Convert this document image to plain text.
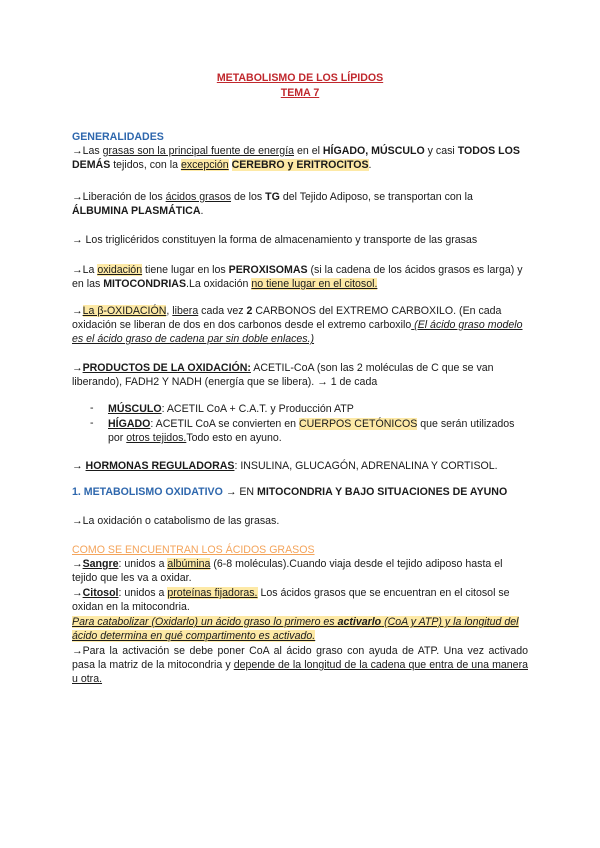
METABOLISMO DE LOS LÍPIDOS
TEMA 7
GENERALIDADES
→Las grasas son la principal fuente de energía en el HÍGADO, MÚSCULO y casi TODOS LOS DEMÁS tejidos, con la excepción CEREBRO y ERITROCITOS.
→Liberación de los ácidos grasos de los TG del Tejido Adiposo, se transportan con la ÁLBUMINA PLASMÁTICA.
→ Los triglicéridos constituyen la forma de almacenamiento y transporte de las grasas
→La oxidación tiene lugar en los PEROXISOMAS (si la cadena de los ácidos grasos es larga) y en las MITOCONDRIAS.La oxidación no tiene lugar en el citosol.
→La β-OXIDACIÓN, libera cada vez 2 CARBONOS del EXTREMO CARBOXILO. (En cada oxidación se liberan de dos en dos carbonos desde el extremo carboxilo (El ácido graso modelo es el ácido graso de cadena par sin doble enlaces.)
→PRODUCTOS DE LA OXIDACIÓN: ACETIL-CoA (son las 2 moléculas de C que se van liberando), FADH2 Y NADH (energía que se libera). → 1 de cada
- MÚSCULO: ACETIL CoA + C.A.T. y Producción ATP
- HÍGADO: ACETIL CoA se convierten en CUERPOS CETÓNICOS que serán utilizados por otros tejidos.Todo esto en ayuno.
→ HORMONAS REGULADORAS: INSULINA, GLUCAGÓN, ADRENALINA Y CORTISOL.
1. METABOLISMO OXIDATIVO → EN MITOCONDRIA Y BAJO SITUACIONES DE AYUNO
→La oxidación o catabolismo de las grasas.
COMO SE ENCUENTRAN LOS ÁCIDOS GRASOS
→Sangre: unidos a albúmina (6-8 moléculas).Cuando viaja desde el tejido adiposo hasta el tejido que les va a oxidar.
→Citosol: unidos a proteínas fijadoras. Los ácidos grasos que se encuentran en el citosol se oxidan en la mitocondria.
Para catabolizar (Oxidarlo) un ácido graso lo primero es activarlo (CoA y ATP) y la longitud del ácido determina en qué compartimento es activado.
→Para la activación se debe poner CoA al ácido graso con ayuda de ATP. Una vez activado pasa la matriz de la mitocondria y depende de la longitud de la cadena que entra de una manera u otra.
